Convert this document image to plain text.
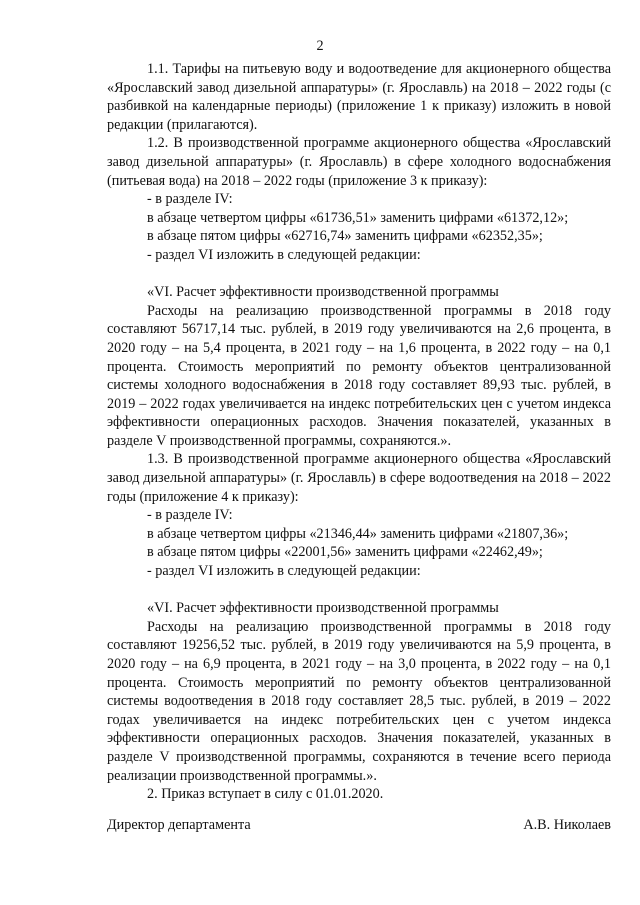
2

1.1. Тарифы на питьевую воду и водоотведение для акционерного общества «Ярославский завод дизельной аппаратуры» (г. Ярославль) на 2018 – 2022 годы (с разбивкой на календарные периоды) (приложение 1 к приказу) изложить в новой редакции (прилагаются).

1.2. В производственной программе акционерного общества «Ярославский завод дизельной аппаратуры» (г. Ярославль) в сфере холодного водоснабжения (питьевая вода) на 2018 – 2022 годы (приложение 3 к приказу):

- в разделе IV:

в абзаце четвертом цифры «61736,51» заменить цифрами «61372,12»;

в абзаце пятом цифры «62716,74» заменить цифрами «62352,35»;

- раздел VI изложить в следующей редакции:

«VI. Расчет эффективности производственной программы

Расходы на реализацию производственной программы в 2018 году составляют 56717,14 тыс. рублей, в 2019 году увеличиваются на 2,6 процента, в 2020 году – на 5,4 процента, в 2021 году – на 1,6 процента, в 2022 году – на 0,1 процента. Стоимость мероприятий по ремонту объектов централизованной системы холодного водоснабжения в 2018 году составляет 89,93 тыс. рублей, в 2019 – 2022 годах увеличивается на индекс потребительских цен с учетом индекса эффективности операционных расходов. Значения показателей, указанных в разделе V производственной программы, сохраняются.».

1.3. В производственной программе акционерного общества «Ярославский завод дизельной аппаратуры» (г. Ярославль) в сфере водоотведения на 2018 – 2022 годы (приложение 4 к приказу):

- в разделе IV:

в абзаце четвертом цифры «21346,44» заменить цифрами «21807,36»;

в абзаце пятом цифры «22001,56» заменить цифрами «22462,49»;

- раздел VI изложить в следующей редакции:

«VI. Расчет эффективности производственной программы

Расходы на реализацию производственной программы в 2018 году составляют 19256,52 тыс. рублей, в 2019 году увеличиваются на 5,9 процента, в 2020 году – на 6,9 процента, в 2021 году – на 3,0 процента, в 2022 году – на 0,1 процента. Стоимость мероприятий по ремонту объектов централизованной системы водоотведения в 2018 году составляет 28,5 тыс. рублей, в 2019 – 2022 годах увеличивается на индекс потребительских цен с учетом индекса эффективности операционных расходов. Значения показателей, указанных в разделе V производственной программы, сохраняются в течение всего периода реализации производственной программы.».

2. Приказ вступает в силу с 01.01.2020.

Директор департамента	А.В. Николаев
